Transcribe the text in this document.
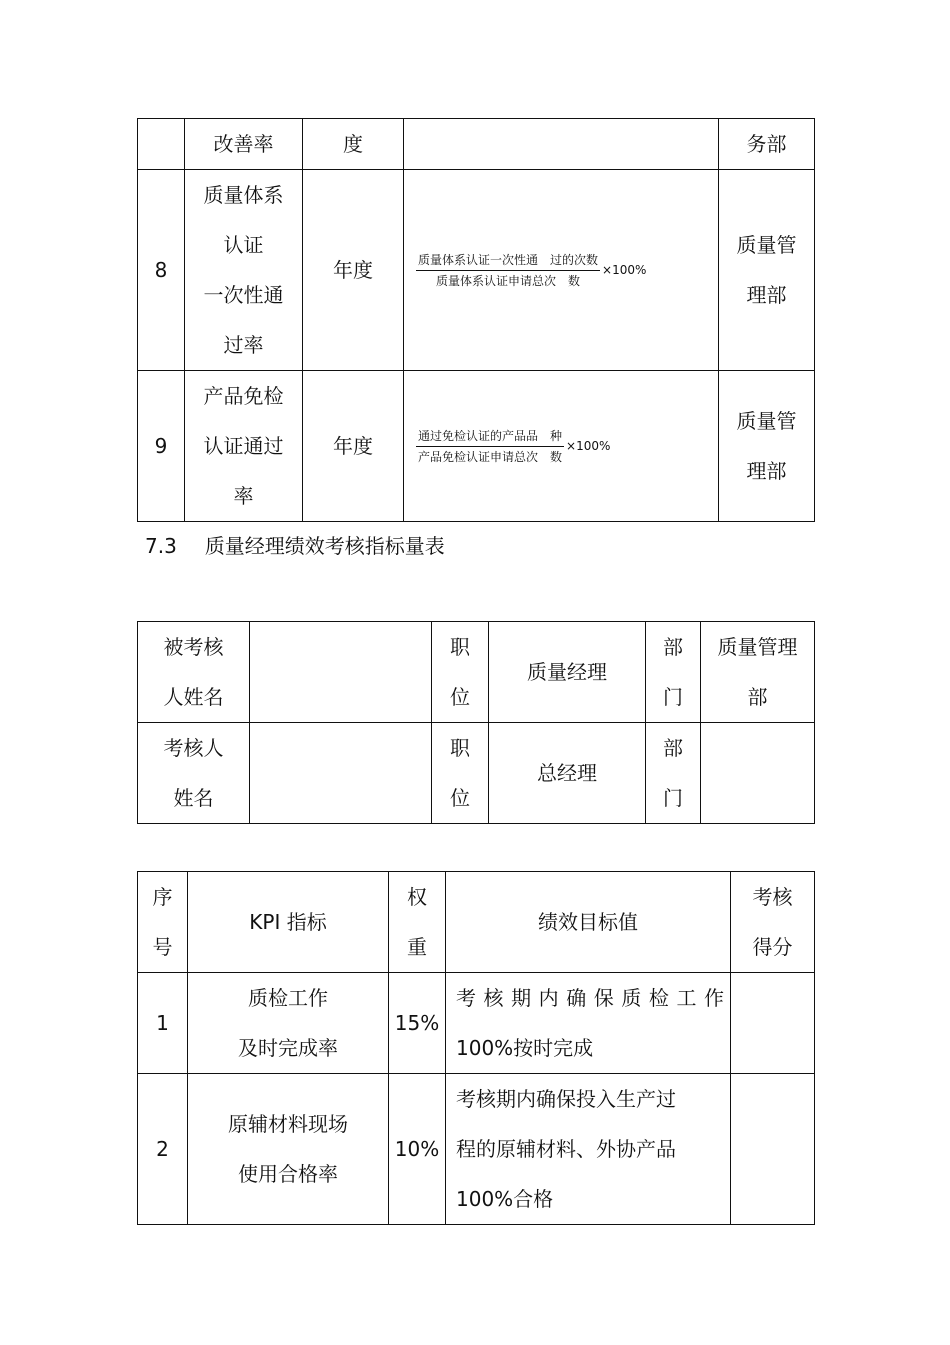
	改善率	度		务部
8	质量体系
认证
一次性通
过率	年度	$\frac{\text{质量体系认证一次性通　过的次数}}{\text{质量体系认证申请总次　数}} \times 100\%$	质量管
理部
9	产品免检
认证通过
率	年度	$\frac{\text{通过免检认证的产品品　种}}{\text{产品免检认证申请总次　数}} \times 100\%$	质量管
理部

7.3 质量经理绩效考核指标量表

被考核
人姓名		职
位	质量经理	部
门	质量管理
部
考核人
姓名		职
位	总经理	部
门	
序
号	KPI 指标	权
重	绩效目标值	考核
得分
1	质检工作
及时完成率	15%	考核期内确保质检工作
100%按时完成	

2	原辅材料现场
使用合格率	10%	考核期内确保投入生产过
程的原辅材料、外协产品
100%合格	
